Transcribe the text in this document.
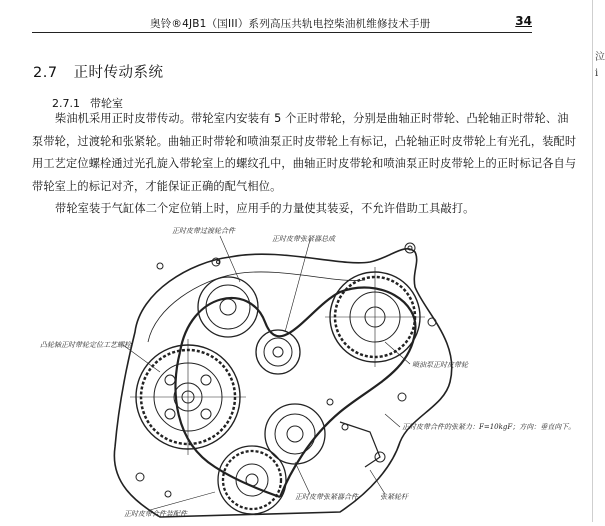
奥铃®4JB1（国III）系列高压共轨电控柴油机维修技术手册	34
2.7 正时传动系统
2.7.1 带轮室
柴油机采用正时皮带传动。带轮室内安装有 5 个正时带轮，分别是曲轴正时带轮、凸轮轴正时带轮、油泵带轮，过渡轮和张紧轮。曲轴正时带轮和喷油泵正时皮带轮上有标记，凸轮轴正时皮带轮上有光孔，装配时用工艺定位螺栓通过光孔旋入带轮室上的螺纹孔中，曲轴正时皮带轮和喷油泵正时皮带轮上的正时标记各自与带轮室上的标记对齐，才能保证正确的配气相位。
带轮室装于气缸体二个定位销上时，应用手的力量使其装妥，不允许借助工具敲打。
正时皮带过渡轮合件
正时皮带张紧器总成
凸轮轴正时带轮定位工艺螺栓
喷油泵正时皮带轮
正时皮带合件的张紧力：F=10kgF；方向：垂直向下。
正时皮带张紧器合件	张紧轮杆
正时皮带合件装配件
泣
i
